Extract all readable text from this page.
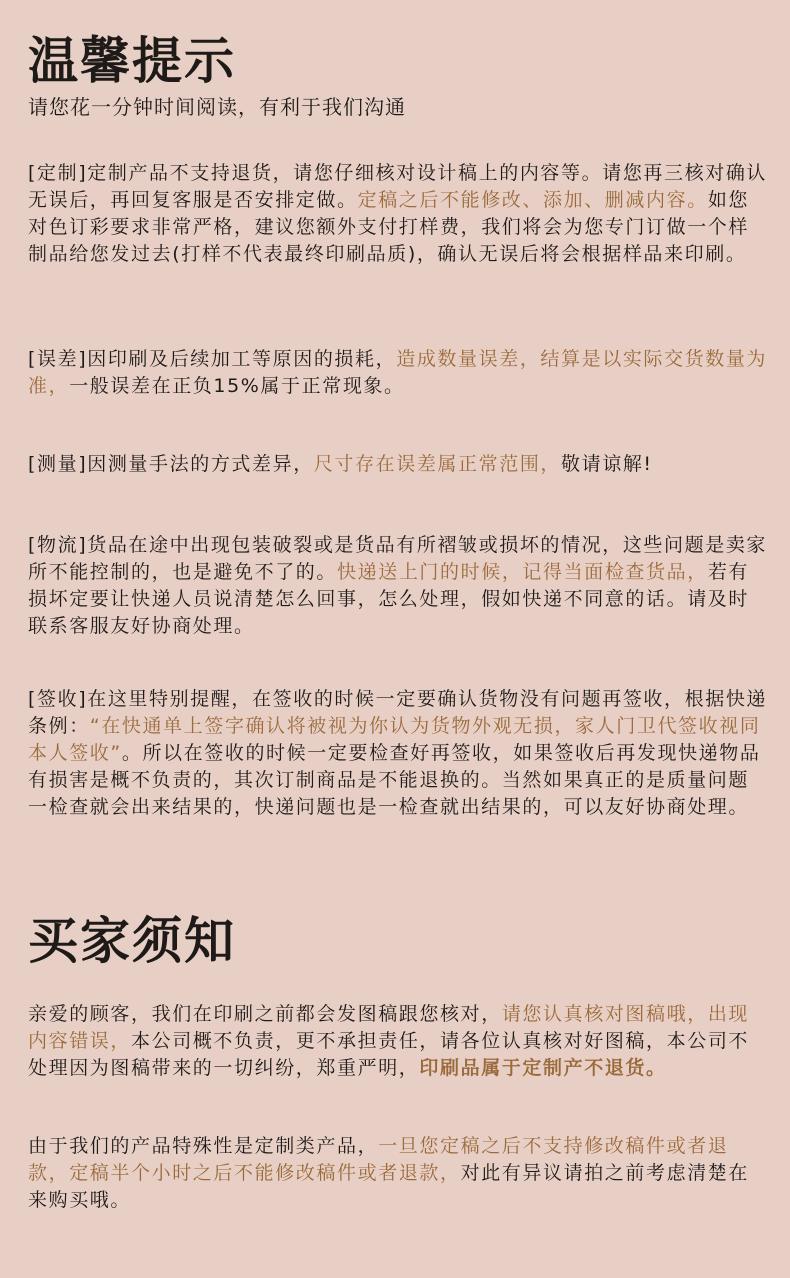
温馨提示

请您花一分钟时间阅读，有利于我们沟通

[定制]定制产品不支持退货，请您仔细核对设计稿上的内容等。请您再三核对确认无误后，再回复客服是否安排定做。定稿之后不能修改、添加、删减内容。如您对色订彩要求非常严格，建议您额外支付打样费，我们将会为您专门订做一个样制品给您发过去(打样不代表最终印刷品质)，确认无误后将会根据样品来印刷。

[误差]因印刷及后续加工等原因的损耗，造成数量误差，结算是以实际交货数量为准，一般误差在正负15%属于正常现象。

[测量]因测量手法的方式差异，尺寸存在误差属正常范围，敬请谅解!

[物流]货品在途中出现包装破裂或是货品有所褶皱或损坏的情况，这些问题是卖家所不能控制的，也是避免不了的。快递送上门的时候，记得当面检查货品，若有损坏定要让快递人员说清楚怎么回事，怎么处理，假如快递不同意的话。请及时联系客服友好协商处理。

[签收]在这里特别提醒，在签收的时候一定要确认货物没有问题再签收，根据快递条例：“在快通单上签字确认将被视为你认为货物外观无损，家人门卫代签收视同本人签收”。所以在签收的时候一定要检查好再签收，如果签收后再发现快递物品有损害是概不负责的，其次订制商品是不能退换的。当然如果真正的是质量问题一检查就会出来结果的，快递问题也是一检查就出结果的，可以友好协商处理。

买家须知

亲爱的顾客，我们在印刷之前都会发图稿跟您核对，请您认真核对图稿哦，出现内容错误，本公司概不负责，更不承担责任，请各位认真核对好图稿，本公司不处理因为图稿带来的一切纠纷，郑重严明，印刷品属于定制产不退货。

由于我们的产品特殊性是定制类产品，一旦您定稿之后不支持修改稿件或者退款，定稿半个小时之后不能修改稿件或者退款，对此有异议请拍之前考虑清楚在来购买哦。
